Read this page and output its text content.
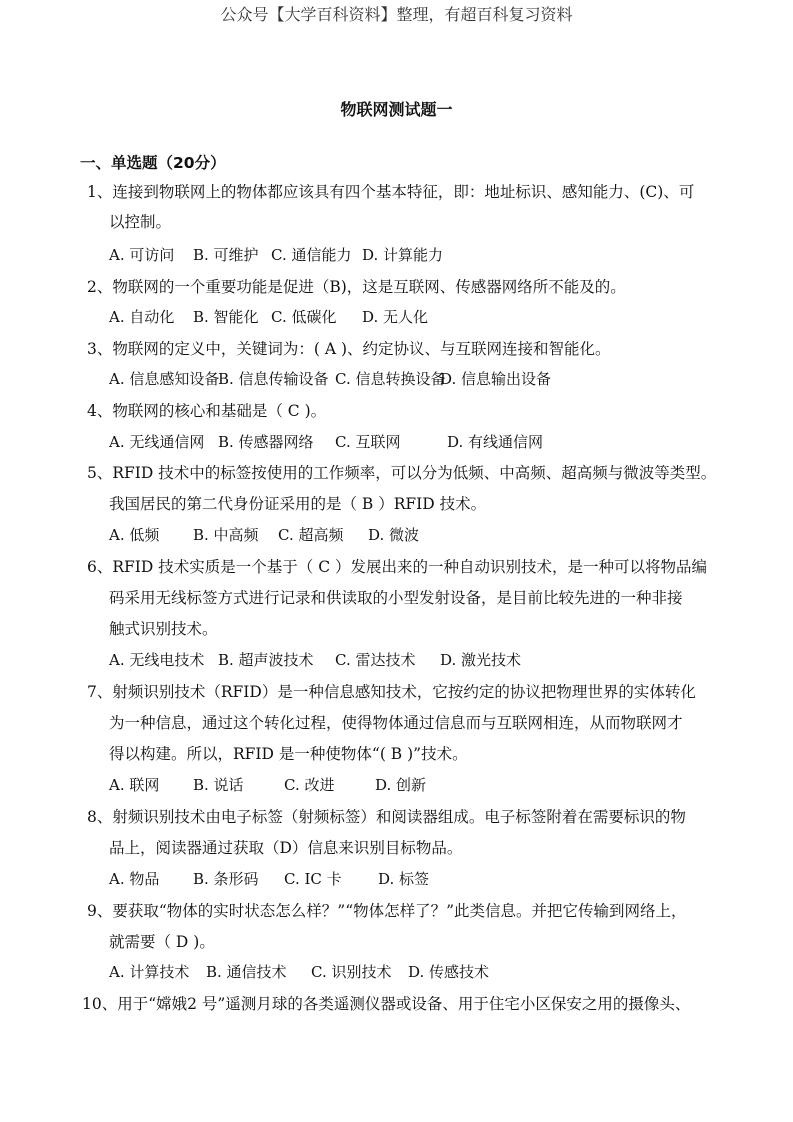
公众号【大学百科资料】整理，有超百科复习资料
物联网测试题一
一、单选题（20分）
1、连接到物联网上的物体都应该具有四个基本特征，即：地址标识、感知能力、(C)、可
以控制。
A. 可访问 B. 可维护 C. 通信能力 D. 计算能力
2、物联网的一个重要功能是促进（B)，这是互联网、传感器网络所不能及的。
A. 自动化 B. 智能化 C. 低碳化 D. 无人化
3、物联网的定义中，关键词为：( A )、约定协议、与互联网连接和智能化。
A. 信息感知设备
B. 信息传输设备 C. 信息转换设备
D. 信息输出设备
4、物联网的核心和基础是（ C )。
A. 无线通信网 B. 传感器网络 C. 互联网	D. 有线通信网
5、RFID 技术中的标签按使用的工作频率，可以分为低频、中高频、超高频与微波等类型。
我国居民的第二代身份证采用的是（ B ）RFID 技术。
A. 低频 B. 中高频 C. 超高频 D. 微波
6、RFID 技术实质是一个基于（ C ）发展出来的一种自动识别技术，是一种可以将物品编
码采用无线标签方式进行记录和供读取的小型发射设备，是目前比较先进的一种非接
触式识别技术。
A. 无线电技术 B. 超声波技术 C. 雷达技术 D. 激光技术
7、射频识别技术（RFID）是一种信息感知技术，它按约定的协议把物理世界的实体转化
为一种信息，通过这个转化过程，使得物体通过信息而与互联网相连，从而物联网才
得以构建。所以，RFID 是一种使物体“( B )”技术。
A. 联网 B. 说话	C. 改进	D. 创新
8、射频识别技术由电子标签（射频标签）和阅读器组成。电子标签附着在需要标识的物
品上，阅读器通过获取（D）信息来识别目标物品。
A. 物品 B. 条形码 C. IC 卡 D. 标签
9、要获取“物体的实时状态怎么样？”“物体怎样了？”此类信息。并把它传输到网络上，
就需要（ D )。
A. 计算技术 B. 通信技术 C. 识别技术 D. 传感技术
10、用于“嫦娥2 号”遥测月球的各类遥测仪器或设备、用于住宅小区保安之用的摄像头、
